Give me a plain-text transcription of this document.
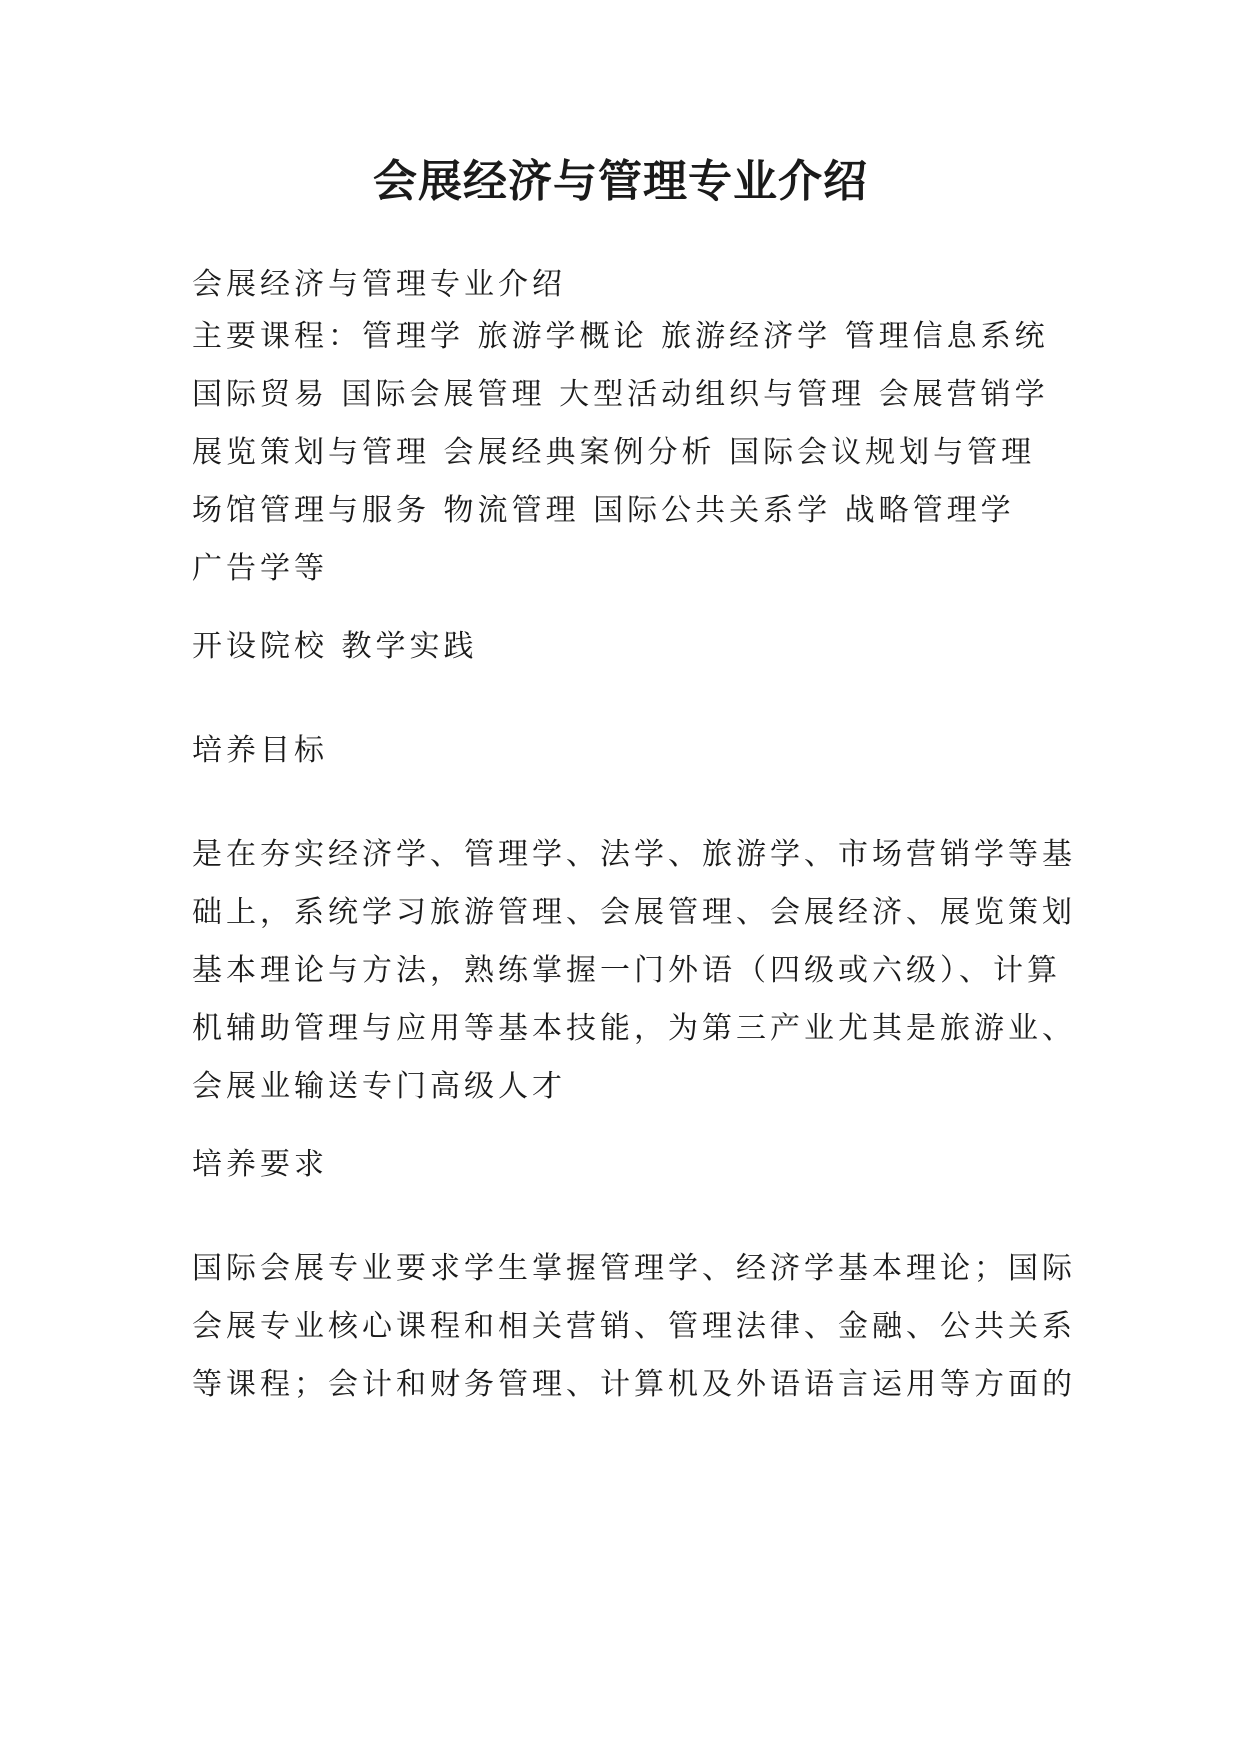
会展经济与管理专业介绍

会展经济与管理专业介绍

主要课程：管理学 旅游学概论 旅游经济学 管理信息系统
国际贸易 国际会展管理 大型活动组织与管理 会展营销学
展览策划与管理 会展经典案例分析 国际会议规划与管理
场馆管理与服务 物流管理 国际公共关系学 战略管理学
广告学等

开设院校 教学实践

培养目标

是在夯实经济学、管理学、法学、旅游学、市场营销学等基
础上，系统学习旅游管理、会展管理、会展经济、展览策划
基本理论与方法，熟练掌握一门外语（四级或六级）、计算
机辅助管理与应用等基本技能，为第三产业尤其是旅游业、
会展业输送专门高级人才

培养要求

国际会展专业要求学生掌握管理学、经济学基本理论；国际
会展专业核心课程和相关营销、管理法律、金融、公共关系
等课程；会计和财务管理、计算机及外语语言运用等方面的
